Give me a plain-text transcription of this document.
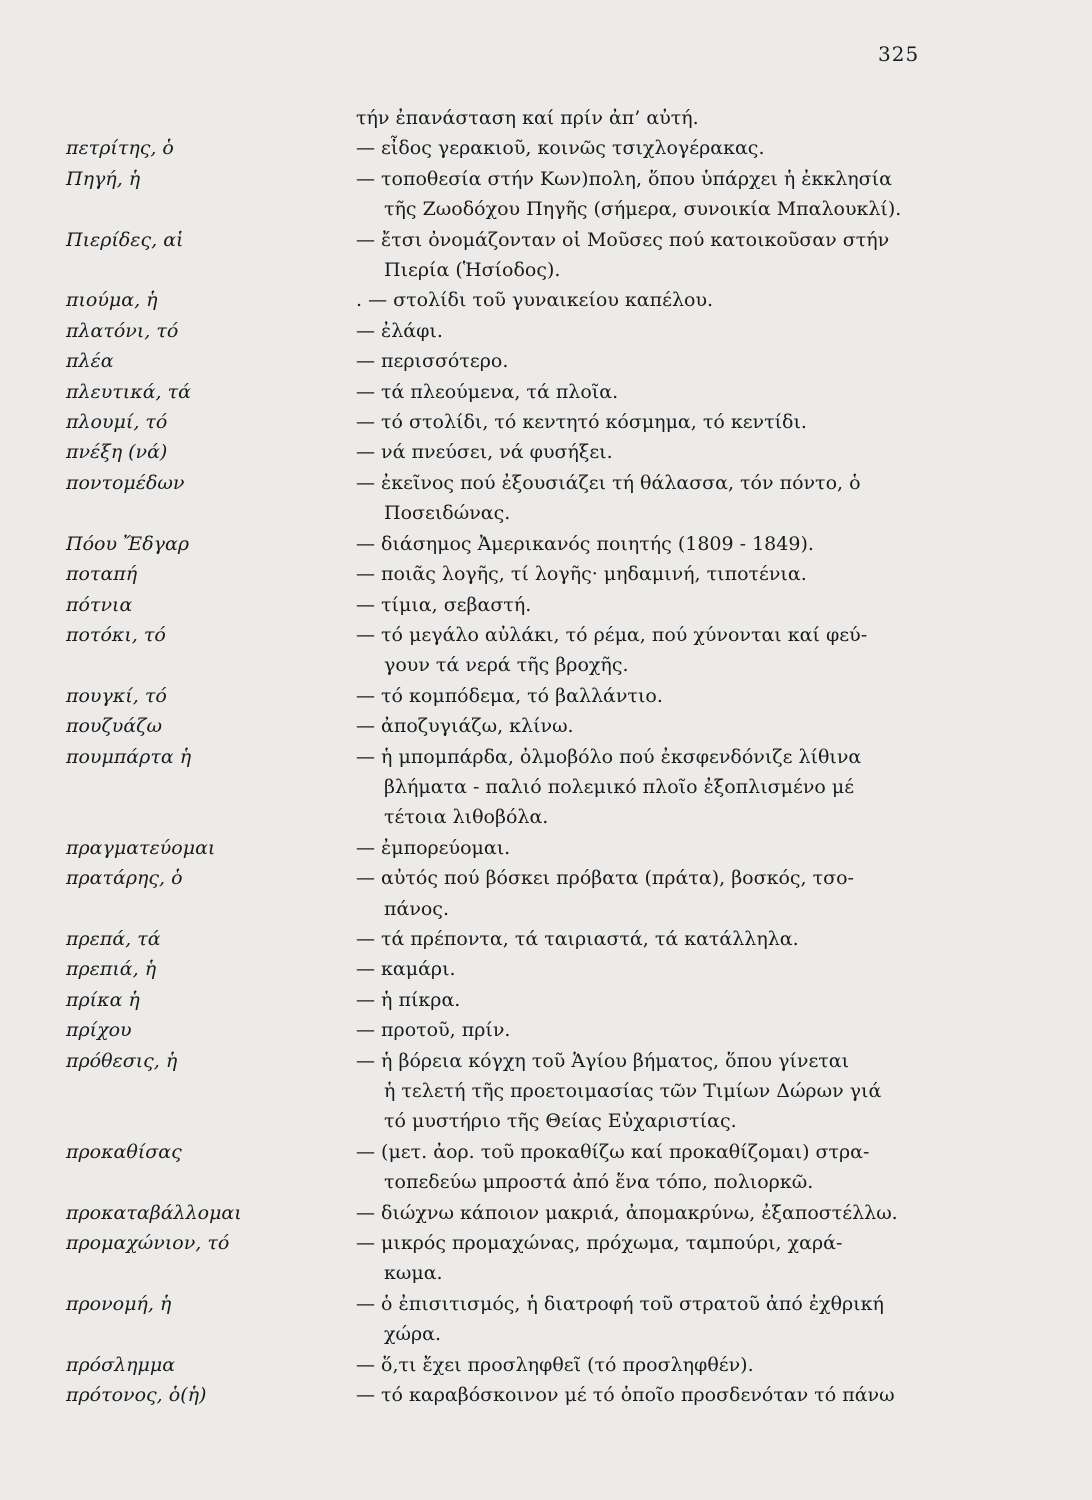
325
τήν ἐπανάσταση καί πρίν ἀπ’ αὐτή.
πετρίτης, ὁ	— εἶδος γερακιοῦ, κοινῶς τσιχλογέρακας.
Πηγή, ἡ	— τοποθεσία στήν Κων)πολη, ὅπου ὑπάρχει ἡ ἐκκλησία
τῆς Ζωοδόχου Πηγῆς (σήμερα, συνοικία Μπαλουκλί).
Πιερίδες, αἱ	— ἔτσι ὀνομάζονταν οἱ Μοῦσες πού κατοικοῦσαν στήν
Πιερία (Ἡσίοδος).
πιούμα, ἡ	. — στολίδι τοῦ γυναικείου καπέλου.
πλατόνι, τό	— ἐλάφι.
πλέα	— περισσότερο.
πλευτικά, τά	— τά πλεούμενα, τά πλοῖα.
πλουμί, τό	— τό στολίδι, τό κεντητό κόσμημα, τό κεντίδι.
πνέξη (νά)	— νά πνεύσει, νά φυσήξει.
ποντομέδων	— ἐκεῖνος πού ἐξουσιάζει τή θάλασσα, τόν πόντο, ὁ
Ποσειδώνας.
Πόου Ἔδγαρ	— διάσημος Ἀμερικανός ποιητής (1809 - 1849).
ποταπή	— ποιᾶς λογῆς, τί λογῆς· μηδαμινή, τιποτένια.
πότνια	— τίμια, σεβαστή.
ποτόκι, τό	— τό μεγάλο αὐλάκι, τό ρέμα, πού χύνονται καί φεύ-
γουν τά νερά τῆς βροχῆς.
πουγκί, τό	— τό κομπόδεμα, τό βαλλάντιο.
πουζυάζω	— ἀποζυγιάζω, κλίνω.
πουμπάρτα ἡ	— ἡ μπομπάρδα, ὀλμοβόλο πού ἐκσφενδόνιζε λίθινα
βλήματα - παλιό πολεμικό πλοῖο ἐξοπλισμένο μέ
τέτοια λιθοβόλα.
πραγματεύομαι	— ἐμπορεύομαι.
πρατάρης, ὁ	— αὐτός πού βόσκει πρόβατα (πράτα), βοσκός, τσο-
πάνος.
πρεπά, τά	— τά πρέποντα, τά ταιριαστά, τά κατάλληλα.
πρεπιά, ἡ	— καμάρι.
πρίκα ἡ	— ἡ πίκρα.
πρίχου	— προτοῦ, πρίν.
πρόθεσις, ἡ	— ἡ βόρεια κόγχη τοῦ Ἁγίου βήματος, ὅπου γίνεται
ἡ τελετή τῆς προετοιμασίας τῶν Τιμίων Δώρων γιά
τό μυστήριο τῆς Θείας Εὐχαριστίας.
προκαθίσας	— (μετ. ἀορ. τοῦ προκαθίζω καί προκαθίζομαι) στρα-
τοπεδεύω μπροστά ἀπό ἕνα τόπο, πολιορκῶ.
προκαταβάλλομαι	— διώχνω κάποιον μακριά, ἀπομακρύνω, ἐξαποστέλλω.
προμαχώνιον, τό	— μικρός προμαχώνας, πρόχωμα, ταμπούρι, χαρά-
κωμα.
προνομή, ἡ	— ὁ ἐπισιτισμός, ἡ διατροφή τοῦ στρατοῦ ἀπό ἐχθρική
χώρα.
πρόσλημμα	— ὅ,τι ἔχει προσληφθεῖ (τό προσληφθέν).
πρότονος, ὁ(ἡ)	— τό καραβόσκοινον μέ τό ὁποῖο προσδενόταν τό πάνω
